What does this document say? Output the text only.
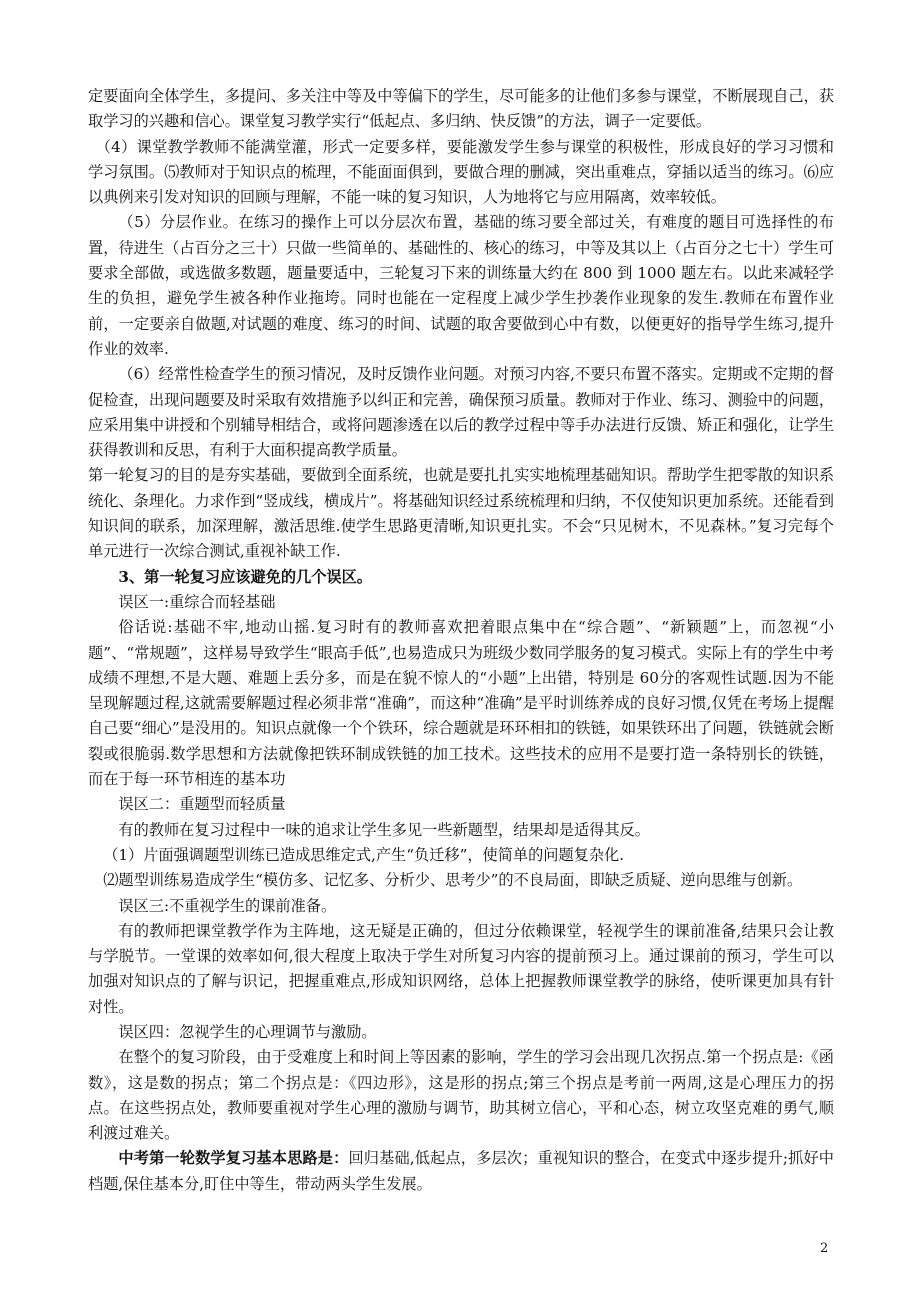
定要面向全体学生，多提问、多关注中等及中等偏下的学生，尽可能多的让他们多参与课堂，不断展现自己，获取学习的兴趣和信心。课堂复习教学实行“低起点、多归纳、快反馈”的方法，调子一定要低。

（4）课堂教学教师不能满堂灌，形式一定要多样，要能激发学生参与课堂的积极性，形成良好的学习习惯和学习氛围。⑸教师对于知识点的梳理，不能面面俱到，要做合理的删减，突出重难点，穿插以适当的练习。⑹应以典例来引发对知识的回顾与理解，不能一味的复习知识，人为地将它与应用隔离，效率较低。

（5）分层作业。在练习的操作上可以分层次布置，基础的练习要全部过关，有难度的题目可选择性的布置，待进生（占百分之三十）只做一些简单的、基础性的、核心的练习，中等及其以上（占百分之七十）学生可要求全部做，或选做多数题，题量要适中，三轮复习下来的训练量大约在 800 到 1000 题左右。以此来减轻学生的负担，避免学生被各种作业拖垮。同时也能在一定程度上减少学生抄袭作业现象的发生.教师在布置作业前，一定要亲自做题,对试题的难度、练习的时间、试题的取舍要做到心中有数，以便更好的指导学生练习,提升作业的效率.

（6）经常性检查学生的预习情况，及时反馈作业问题。对预习内容,不要只布置不落实。定期或不定期的督促检查，出现问题要及时采取有效措施予以纠正和完善，确保预习质量。教师对于作业、练习、测验中的问题，应采用集中讲授和个别辅导相结合，或将问题渗透在以后的教学过程中等手办法进行反馈、矫正和强化，让学生获得教训和反思，有利于大面积提高教学质量。

第一轮复习的目的是夯实基础，要做到全面系统，也就是要扎扎实实地梳理基础知识。帮助学生把零散的知识系统化、条理化。力求作到“竖成线，横成片”。将基础知识经过系统梳理和归纳，不仅使知识更加系统。还能看到知识间的联系，加深理解，激活思维.使学生思路更清晰,知识更扎实。不会“只见树木，不见森林。”复习完每个单元进行一次综合测试,重视补缺工作.

3、第一轮复习应该避免的几个误区。

误区一:重综合而轻基础

俗话说:基础不牢,地动山摇.复习时有的教师喜欢把着眼点集中在“综合题”、“新颖题”上，而忽视“小题”、“常规题”，这样易导致学生“眼高手低”,也易造成只为班级少数同学服务的复习模式。实际上有的学生中考成绩不理想,不是大题、难题上丢分多，而是在貌不惊人的“小题”上出错，特别是 60分的客观性试题.因为不能呈现解题过程,这就需要解题过程必须非常“准确”，而这种“准确”是平时训练养成的良好习惯,仅凭在考场上提醒自己要“细心”是没用的。知识点就像一个个铁环，综合题就是环环相扣的铁链，如果铁环出了问题，铁链就会断裂或很脆弱.数学思想和方法就像把铁环制成铁链的加工技术。这些技术的应用不是要打造一条特别长的铁链，而在于每一环节相连的基本功

误区二：重题型而轻质量

有的教师在复习过程中一味的追求让学生多见一些新题型，结果却是适得其反。

（1）片面强调题型训练已造成思维定式,产生“负迁移”，使简单的问题复杂化.

⑵题型训练易造成学生“模仿多、记忆多、分析少、思考少”的不良局面，即缺乏质疑、逆向思维与创新。

误区三:不重视学生的课前准备。

有的教师把课堂教学作为主阵地，这无疑是正确的，但过分依赖课堂，轻视学生的课前准备,结果只会让教与学脱节。一堂课的效率如何,很大程度上取决于学生对所复习内容的提前预习上。通过课前的预习，学生可以加强对知识点的了解与识记，把握重难点,形成知识网络，总体上把握教师课堂教学的脉络，使听课更加具有针对性。

误区四：忽视学生的心理调节与激励。

在整个的复习阶段，由于受难度上和时间上等因素的影响，学生的学习会出现几次拐点.第一个拐点是:《函数》，这是数的拐点；第二个拐点是：《四边形》，这是形的拐点;第三个拐点是考前一两周,这是心理压力的拐点。在这些拐点处，教师要重视对学生心理的激励与调节，助其树立信心，平和心态，树立攻坚克难的勇气,顺利渡过难关。

中考第一轮数学复习基本思路是：回归基础,低起点，多层次；重视知识的整合，在变式中逐步提升;抓好中档题,保住基本分,盯住中等生，带动两头学生发展。

2
